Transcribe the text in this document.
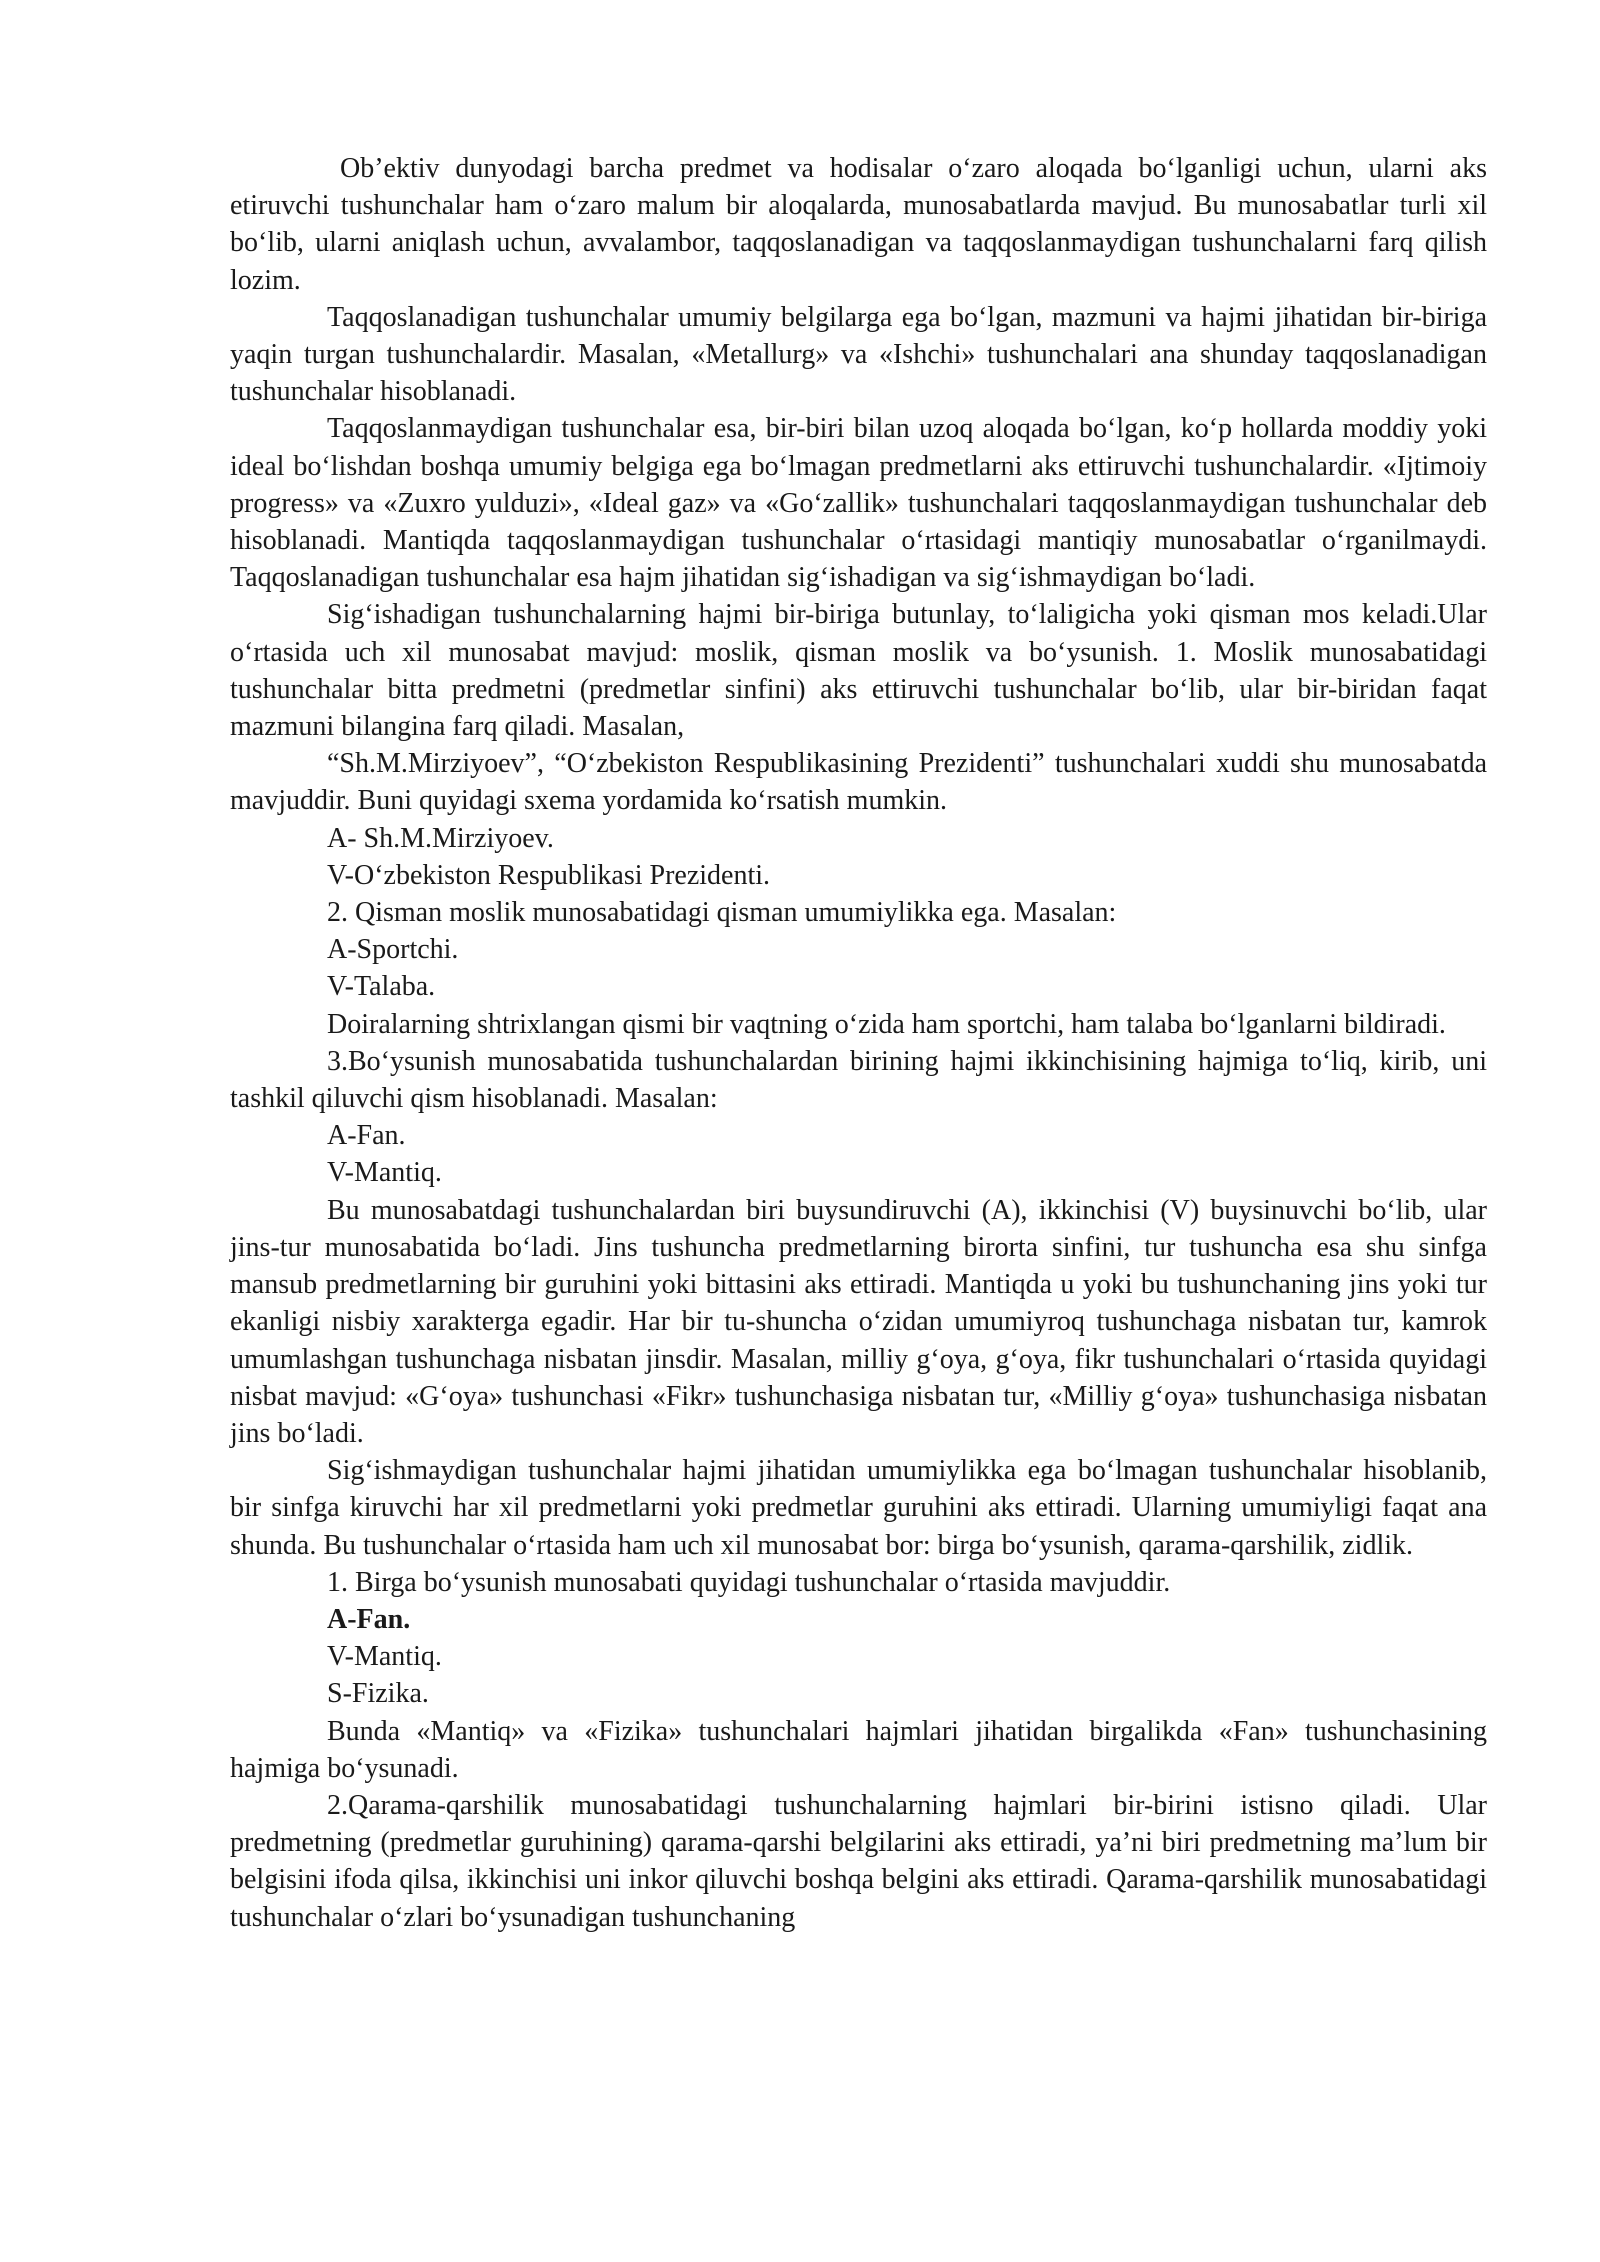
Ob’ektiv dunyodagi barcha predmet va hodisalar o‘zaro aloqada bo‘lganligi uchun, ularni aks etiruvchi tushunchalar ham o‘zaro malum bir aloqalarda, munosabatlarda mavjud. Bu munosabatlar turli xil bo‘lib, ularni aniqlash uchun, avvalambor, taqqoslanadigan va taqqoslanmaydigan tushunchalarni farq qilish lozim.

Taqqoslanadigan tushunchalar umumiy belgilarga ega bo‘lgan, mazmuni va hajmi jihatidan bir-biriga yaqin turgan tushunchalardir. Masalan, «Metallurg» va «Ishchi» tushunchalari ana shunday taqqoslanadigan tushunchalar hisoblanadi.

Taqqoslanmaydigan tushunchalar esa, bir-biri bilan uzoq aloqada bo‘lgan, ko‘p hollarda moddiy yoki ideal bo‘lishdan boshqa umumiy belgiga ega bo‘lmagan predmetlarni aks ettiruvchi tushunchalardir. «Ijtimoiy progress» va «Zuxro yulduzi», «Ideal gaz» va «Go‘zallik» tushunchalari taqqoslanmaydigan tushunchalar deb hisoblanadi. Mantiqda taqqoslanmaydigan tushunchalar o‘rtasidagi mantiqiy munosabatlar o‘rganilmaydi. Taqqoslanadigan tushunchalar esa hajm jihatidan sig‘ishadigan va sig‘ishmaydigan bo‘ladi.

Sig‘ishadigan tushunchalarning hajmi bir-biriga butunlay, to‘laligicha yoki qisman mos keladi.Ular o‘rtasida uch xil munosabat mavjud: moslik, qisman moslik va bo‘ysunish. 1. Moslik munosabatidagi tushunchalar bitta predmetni (predmetlar sinfini) aks ettiruvchi tushunchalar bo‘lib, ular bir-biridan faqat mazmuni bilangina farq qiladi. Masalan,

“Sh.M.Mirziyoev”, “O‘zbekiston Respublikasining Prezidenti” tushunchalari xuddi shu munosabatda mavjuddir. Buni quyidagi sxema yordamida ko‘rsatish mumkin.

A- Sh.M.Mirziyoev.

V-O‘zbekiston Respublikasi Prezidenti.

2. Qisman moslik munosabatidagi qisman umumiylikka ega. Masalan:

A-Sportchi.

V-Talaba.

Doiralarning shtrixlangan qismi bir vaqtning o‘zida ham sportchi, ham talaba bo‘lganlarni bildiradi.

3.Bo‘ysunish munosabatida tushunchalardan birining hajmi ikkinchisining hajmiga to‘liq, kirib, uni tashkil qiluvchi qism hisoblanadi. Masalan:

A-Fan.

V-Mantiq.

Bu munosabatdagi tushunchalardan biri buysundiruvchi (A), ikkinchisi (V) buysinuvchi bo‘lib, ular jins-tur munosabatida bo‘ladi. Jins tushuncha predmetlarning birorta sinfini, tur tushuncha esa shu sinfga mansub predmetlarning bir guruhini yoki bittasini aks ettiradi. Mantiqda u yoki bu tushunchaning jins yoki tur ekanligi nisbiy xarakterga egadir. Har bir tu-shuncha o‘zidan umumiyroq tushunchaga nisbatan tur, kamrok umumlashgan tushunchaga nisbatan jinsdir. Masalan, milliy g‘oya, g‘oya, fikr tushunchalari o‘rtasida quyidagi nisbat mavjud: «G‘oya» tushunchasi «Fikr» tushunchasiga nisbatan tur, «Milliy g‘oya» tushunchasiga nisbatan jins bo‘ladi.

Sig‘ishmaydigan tushunchalar hajmi jihatidan umumiylikka ega bo‘lmagan tushunchalar hisoblanib, bir sinfga kiruvchi har xil predmetlarni yoki predmetlar guruhini aks ettiradi. Ularning umumiyligi faqat ana shunda. Bu tushunchalar o‘rtasida ham uch xil munosabat bor: birga bo‘ysunish, qarama-qarshilik, zidlik.

1. Birga bo‘ysunish munosabati quyidagi tushunchalar o‘rtasida mavjuddir.

A-Fan.

V-Mantiq.

S-Fizika.

Bunda «Mantiq» va «Fizika» tushunchalari hajmlari jihatidan birgalikda «Fan» tushunchasining hajmiga bo‘ysunadi.

2.Qarama-qarshilik munosabatidagi tushunchalarning hajmlari bir-birini istisno qiladi. Ular predmetning (predmetlar guruhining) qarama-qarshi belgilarini aks ettiradi, ya’ni biri predmetning ma’lum bir belgisini ifoda qilsa, ikkinchisi uni inkor qiluvchi boshqa belgini aks ettiradi. Qarama-qarshilik munosabatidagi tushunchalar o‘zlari bo‘ysunadigan tushunchaning
